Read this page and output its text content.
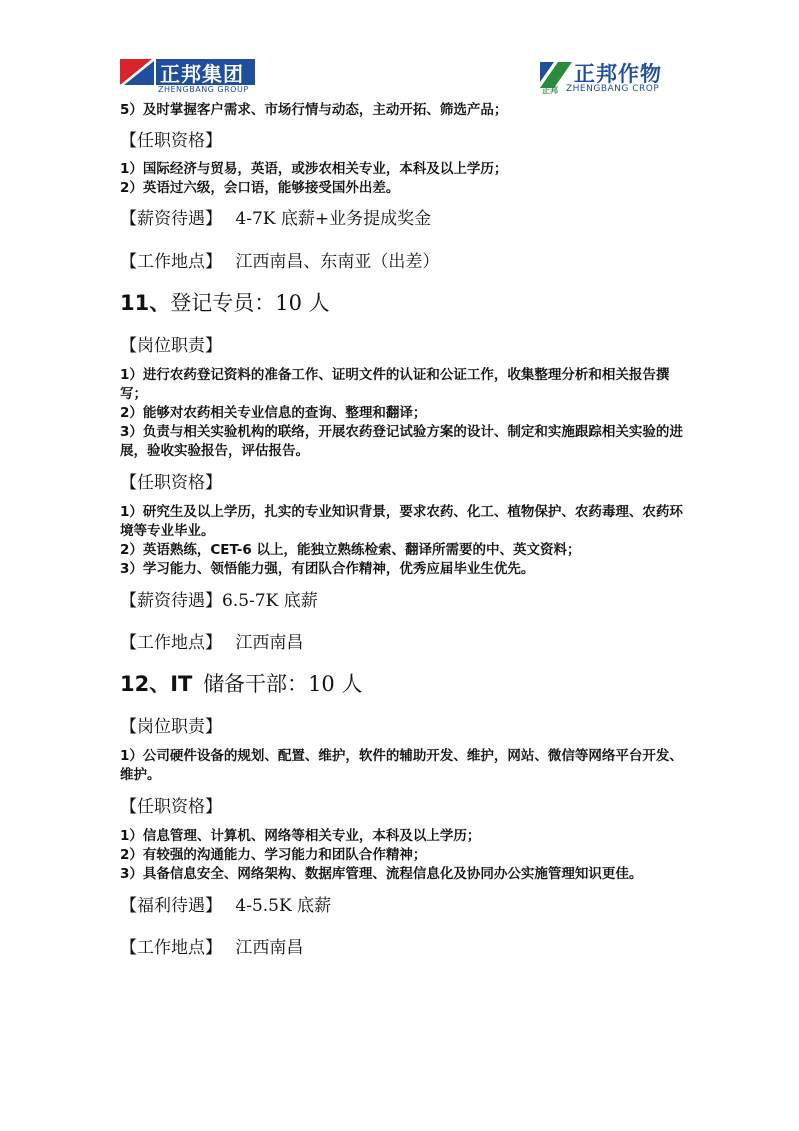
正邦集团
ZHENGBANG GROUP
正邦作物
正邦 ZHENGBANG CROP

5）及时掌握客户需求、市场行情与动态，主动开拓、筛选产品；

【任职资格】

1）国际经济与贸易，英语，或涉农相关专业，本科及以上学历；

2）英语过六级，会口语，能够接受国外出差。

【薪资待遇】 4-7K 底薪+业务提成奖金

【工作地点】 江西南昌、东南亚（出差）

11、登记专员：10 人

【岗位职责】

1）进行农药登记资料的准备工作、证明文件的认证和公证工作，收集整理分析和相关报告撰写；

2）能够对农药相关专业信息的查询、整理和翻译；

3）负责与相关实验机构的联络，开展农药登记试验方案的设计、制定和实施跟踪相关实验的进展，验收实验报告，评估报告。

【任职资格】

1）研究生及以上学历，扎实的专业知识背景，要求农药、化工、植物保护、农药毒理、农药环境等专业毕业。

2）英语熟练，CET-6 以上，能独立熟练检索、翻译所需要的中、英文资料；

3）学习能力、领悟能力强，有团队合作精神，优秀应届毕业生优先。

【薪资待遇】6.5-7K 底薪

【工作地点】 江西南昌

12、IT 储备干部：10 人

【岗位职责】

1）公司硬件设备的规划、配置、维护，软件的辅助开发、维护，网站、微信等网络平台开发、维护。

【任职资格】

1）信息管理、计算机、网络等相关专业，本科及以上学历；

2）有较强的沟通能力、学习能力和团队合作精神；

3）具备信息安全、网络架构、数据库管理、流程信息化及协同办公实施管理知识更佳。

【福利待遇】 4-5.5K 底薪

【工作地点】 江西南昌
